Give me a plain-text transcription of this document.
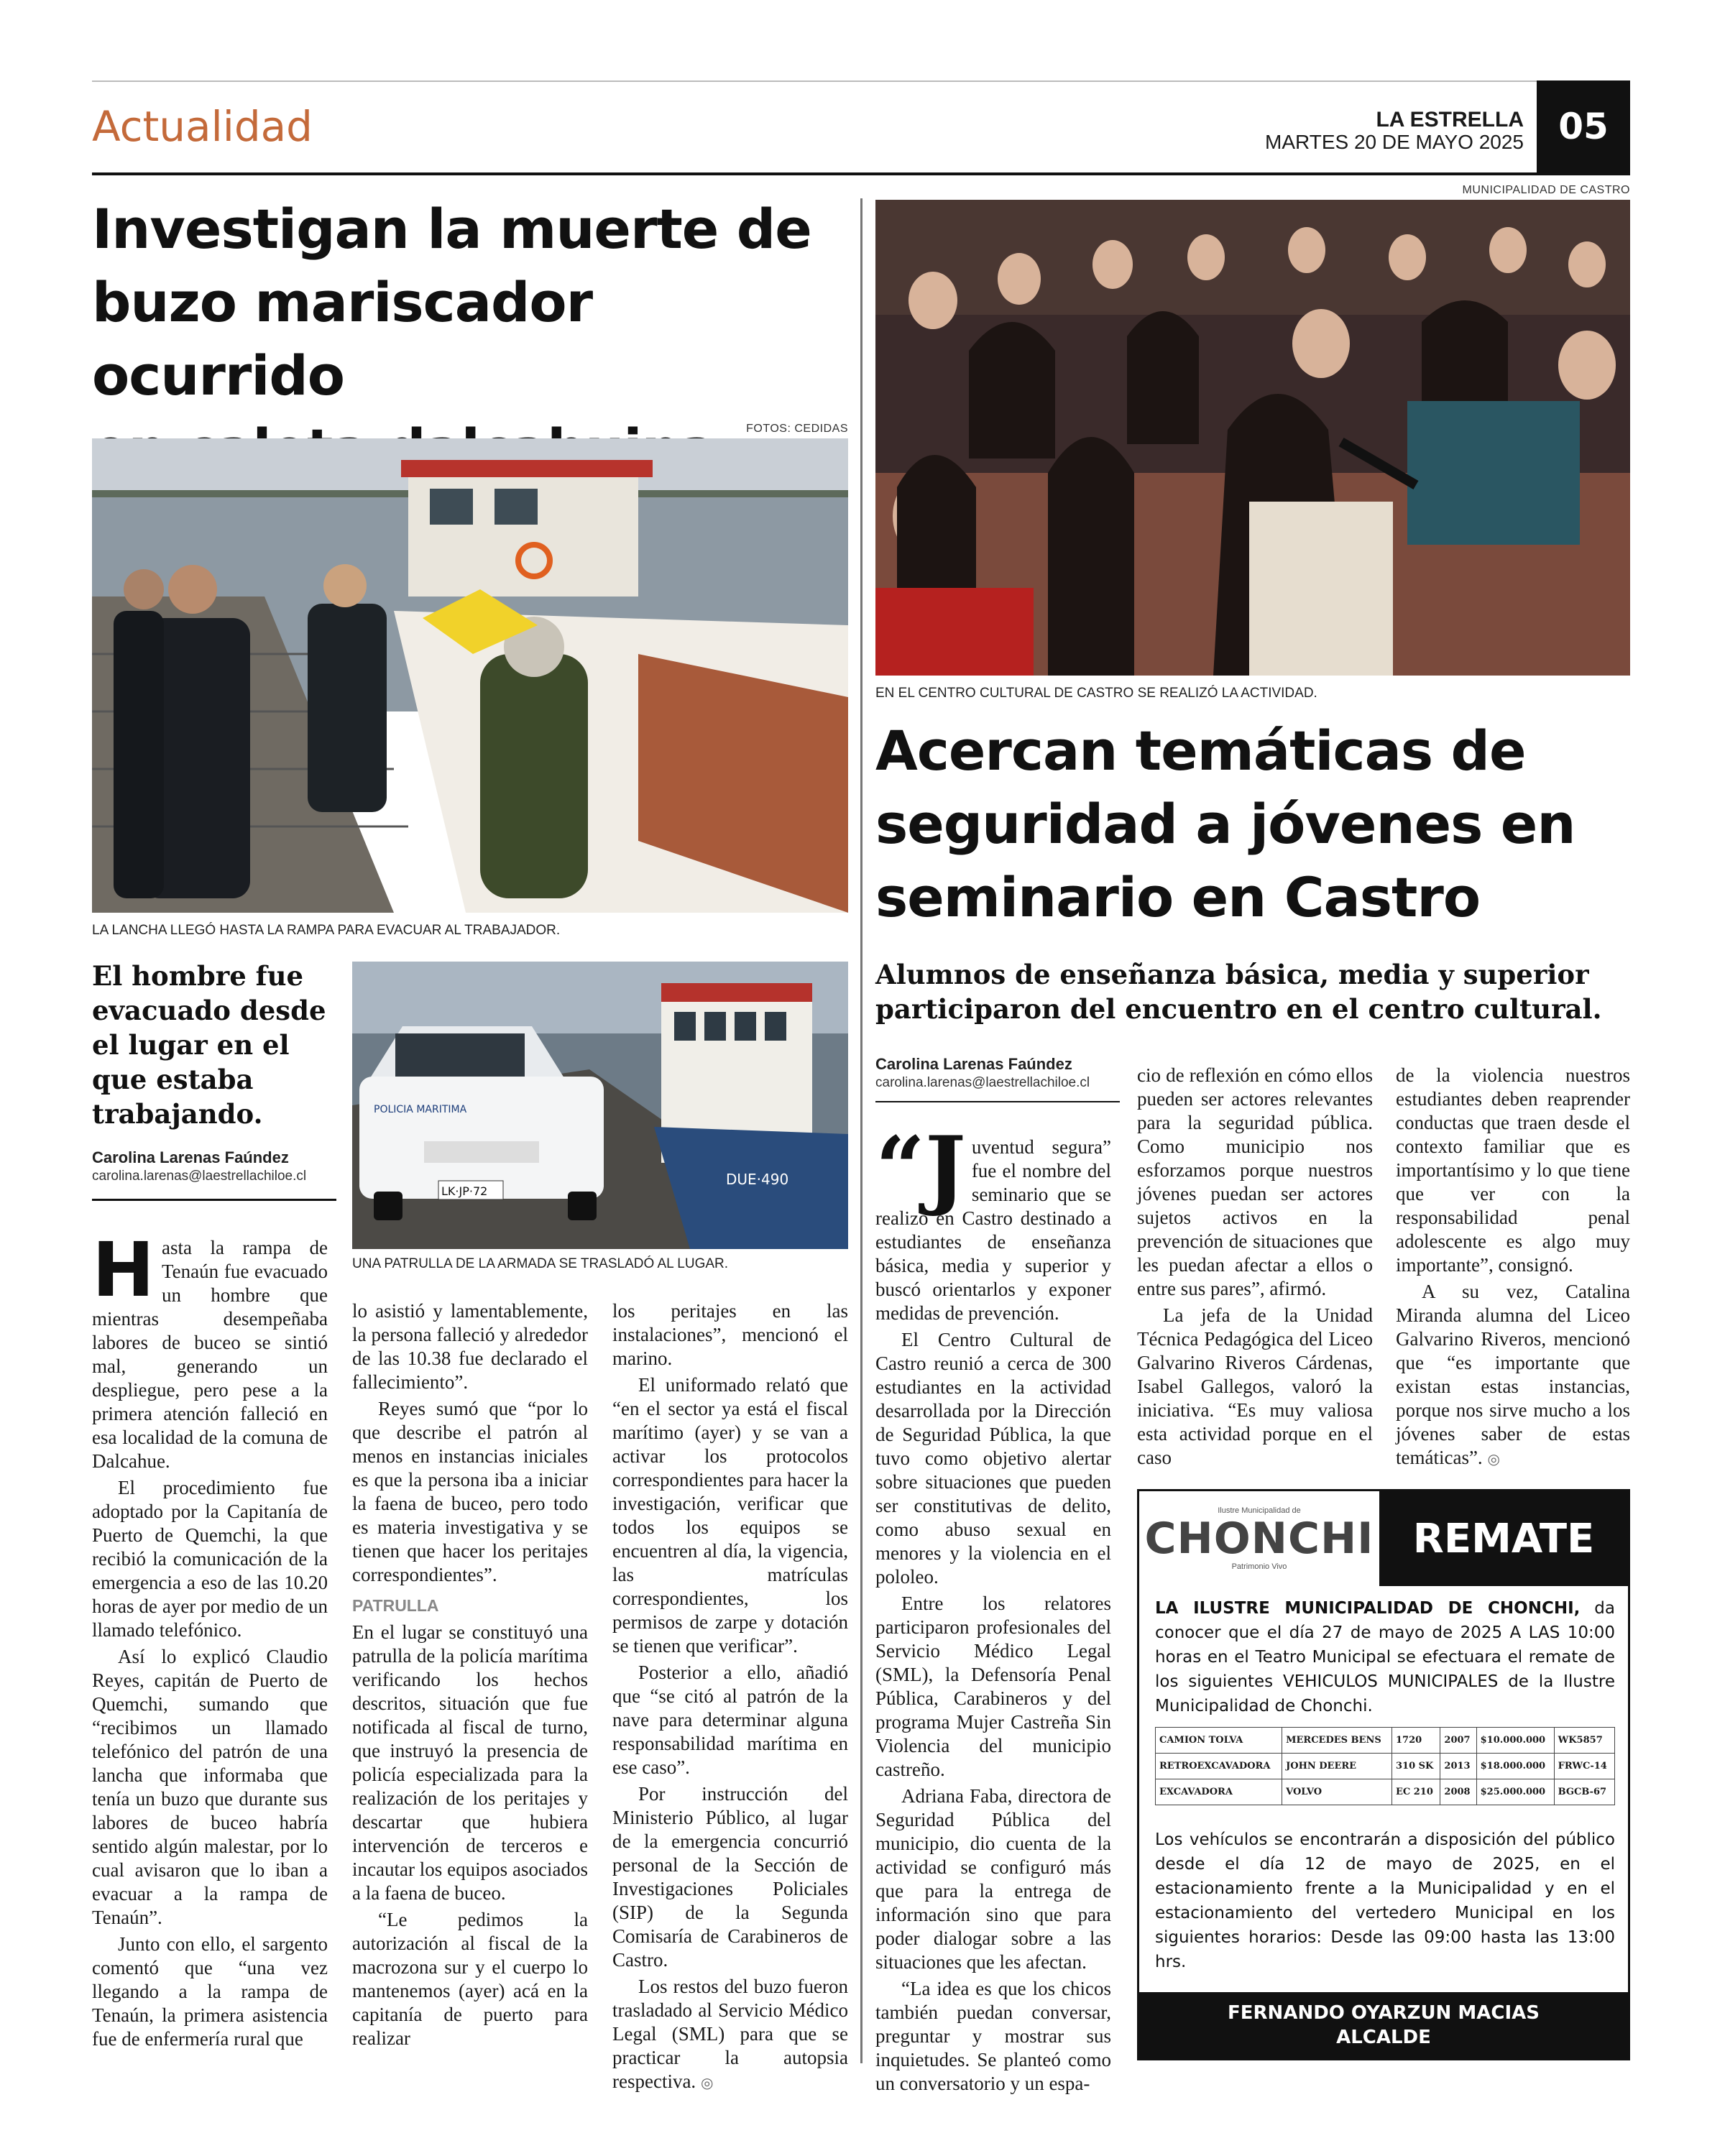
Actualidad	LA ESTRELLA
MARTES 20 DE MAYO 2025 05
Investigan la muerte de
buzo mariscador ocurrido
FOTOS: CEDIDAS
LA LANCHA LLEGÓ HASTA LA RAMPA PARA EVACUAR AL TRABAJADOR.
El hombre fue evacuado desde el lugar en el que estaba trabajando.
Carolina Larenas Faúndez
carolina.larenas@laestrellachiloe.cl	DUE·490
POLICIA MARITIMA
LK·JP·72
UNA PATRULLA DE LA ARMADA SE TRASLADÓ AL LUGAR.
H asta la rampa de Tenaún fue evacuado un hombre que mientras desempeñaba labores de buceo se sintió mal, generando un despliegue, pero pese a la primera atención falleció en esa localidad de la comuna de Dalcahue.

El procedimiento fue adoptado por la Capitanía de Puerto de Quemchi, la que recibió la comunicación de la emergencia a eso de las 10.20 horas de ayer por medio de un llamado telefónico.

Así lo explicó Claudio Reyes, capitán de Puerto de Quemchi, sumando que “recibimos un llamado telefónico del patrón de una lancha que informaba que tenía un buzo que durante sus labores de buceo habría sentido algún malestar, por lo cual avisaron que lo iban a evacuar a la rampa de Tenaún”.

Junto con ello, el sargento comentó que “una vez llegando a la rampa de Tenaún, la primera asistencia fue de enfermería rural que

lo asistió y lamentablemente, la persona falleció y alrededor de las 10.38 fue declarado el fallecimiento”.

Reyes sumó que “por lo que describe el patrón al menos en instancias iniciales es que la persona iba a iniciar la faena de buceo, pero todo es materia investigativa y se tienen que hacer los peritajes correspondientes”.

PATRULLA

En el lugar se constituyó una patrulla de la policía marítima verificando los hechos descritos, situación que fue notificada al fiscal de turno, que instruyó la presencia de policía especializada para la realización de los peritajes y descartar que hubiera intervención de terceros e incautar los equipos asociados a la faena de buceo.

“Le pedimos la autorización al fiscal de la macrozona sur y el cuerpo lo mantenemos (ayer) acá en la capitanía de puerto para realizar

los peritajes en las instalaciones”, mencionó el marino.

El uniformado relató que “en el sector ya está el fiscal marítimo (ayer) y se van a activar los protocolos correspondientes para hacer la investigación, verificar que todos los equipos se encuentren al día, la vigencia, las matrículas correspondientes, los permisos de zarpe y dotación se tienen que verificar”.

Posterior a ello, añadió que “se citó al patrón de la nave para determinar alguna responsabilidad marítima en ese caso”.

Por instrucción del Ministerio Público, al lugar de la emergencia concurrió personal de la Sección de Investigaciones Policiales (SIP) de la Segunda Comisaría de Carabineros de Castro.

Los restos del buzo fueron trasladado al Servicio Médico Legal (SML) para que se practicar la autopsia respectiva. ◎

MUNICIPALIDAD DE CASTRO
EN EL CENTRO CULTURAL DE CASTRO SE REALIZÓ LA ACTIVIDAD.
Acercan temáticas de
seguridad a jóvenes en
seminario en Castro
Alumnos de enseñanza básica, media y superior participaron del encuentro en el centro cultural.
Carolina Larenas Faúndez
carolina.larenas@laestrellachiloe.cl
“J uventud segura” fue el nombre del seminario que se realizó en Castro destinado a estudiantes de enseñanza básica, media y superior y buscó orientarlos y exponer medidas de prevención.

El Centro Cultural de Castro reunió a cerca de 300 estudiantes en la actividad desarrollada por la Dirección de Seguridad Pública, la que tuvo como objetivo alertar sobre situaciones que pueden ser constitutivas de delito, como abuso sexual en menores y la violencia en el pololeo.

Entre los relatores participaron profesionales del Servicio Médico Legal (SML), la Defensoría Penal Pública, Carabineros y del programa Mujer Castreña Sin Violencia del municipio castreño.

Adriana Faba, directora de Seguridad Pública del municipio, dio cuenta de la actividad se configuró más que para la entrega de información sino que para poder dialogar sobre a las situaciones que les afectan.

“La idea es que los chicos también puedan conversar, preguntar y mostrar sus inquietudes. Se planteó como un conversatorio y un espa-

cio de reflexión en cómo ellos pueden ser actores relevantes para la seguridad pública. Como municipio nos esforzamos porque nuestros jóvenes puedan ser actores sujetos activos en la prevención de situaciones que les puedan afectar a ellos o entre sus pares”, afirmó.

La jefa de la Unidad Técnica Pedagógica del Liceo Galvarino Riveros Cárdenas, Isabel Gallegos, valoró la iniciativa. “Es muy valiosa esta actividad porque en el caso

de la violencia nuestros estudiantes deben reaprender conductas que traen desde el contexto familiar que es importantísimo y lo que tiene que ver con la responsabilidad penal adolescente es algo muy importante”, consignó.

A su vez, Catalina Miranda alumna del Liceo Galvarino Riveros, mencionó que “es importante que existan estas instancias, porque nos sirve mucho a los jóvenes saber de estas temáticas”. ◎

Ilustre Municipalidad de
CHONCHI
Patrimonio Vivo
REMATE
LA ILUSTRE MUNICIPALIDAD DE CHONCHI, da conocer que el día 27 de mayo de 2025 A LAS 10:00 horas en el Teatro Municipal se efectuara el remate de los siguientes VEHICULOS MUNICIPALES de la Ilustre Municipalidad de Chonchi.
CAMION TOLVA	MERCEDES BENS	1720	2007	$10.000.000	WK5857
RETROEXCAVADORA	JOHN DEERE	310 SK	2013	$18.000.000	FRWC-14
EXCAVADORA	VOLVO	EC 210	2008	$25.000.000	BGCB-67
Los vehículos se encontrarán a disposición del público desde el día 12 de mayo de 2025, en el estacionamiento frente a la Municipalidad y en el estacionamiento del vertedero Municipal en los siguientes horarios: Desde las 09:00 hasta las 13:00 hrs.
FERNANDO OYARZUN MACIAS
ALCALDE
